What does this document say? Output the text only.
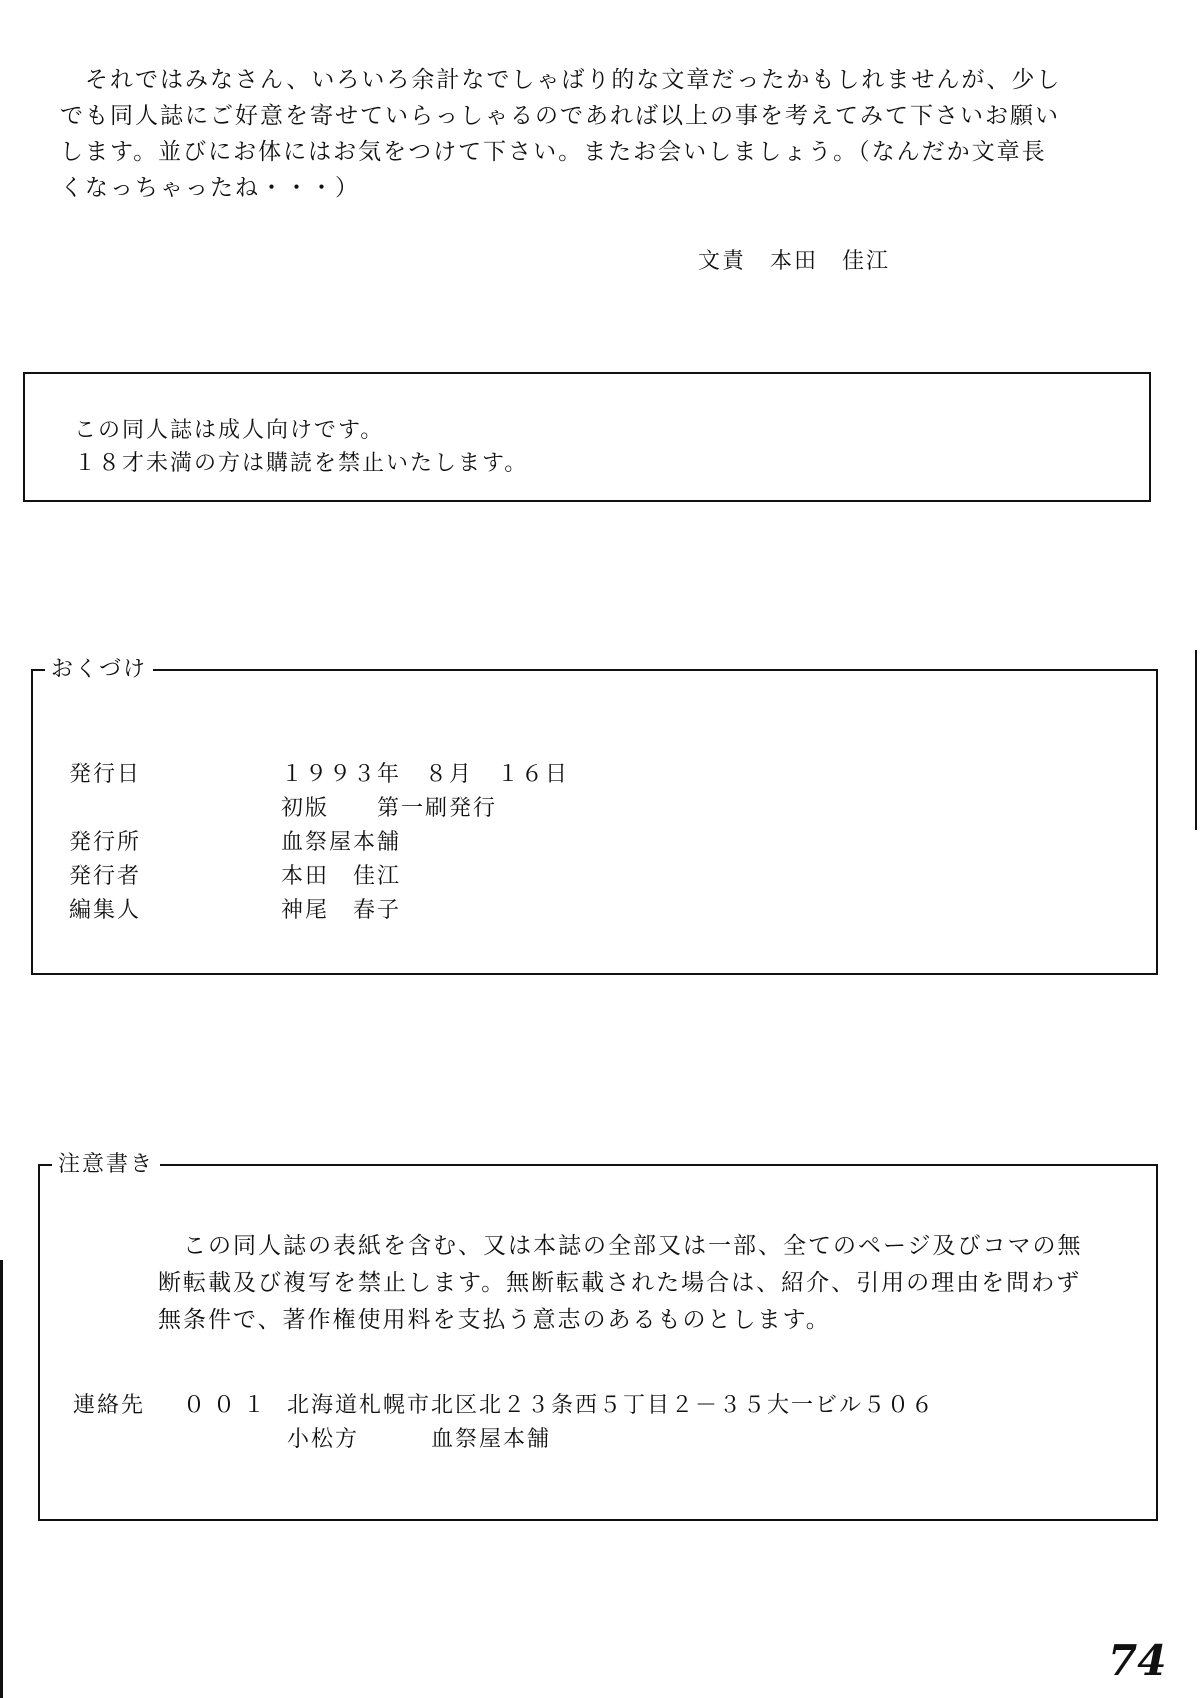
　それではみなさん、いろいろ余計なでしゃばり的な文章だったかもしれませんが、少し

でも同人誌にご好意を寄せていらっしゃるのであれば以上の事を考えてみて下さいお願い

します。並びにお体にはお気をつけて下さい。またお会いしましょう。（なんだか文章長

くなっちゃったね・・・）

文責　本田　佳江

この同人誌は成人向けです。

１８才未満の方は購読を禁止いたします。

おくづけ
発行日	１９９３年　８月　１６日
	初版　　第一刷発行
発行所	血祭屋本舗
発行者	本田　佳江
編集人	神尾　春子
注意書き

　この同人誌の表紙を含む、又は本誌の全部又は一部、全てのページ及びコマの無

断転載及び複写を禁止します。無断転載された場合は、紹介、引用の理由を問わず

無条件で、著作権使用料を支払う意志のあるものとします。

連絡先	００１ 北海道札幌市北区北２３条西５丁目２－３５大一ビル５０６
小松方　　　血祭屋本舗
74
